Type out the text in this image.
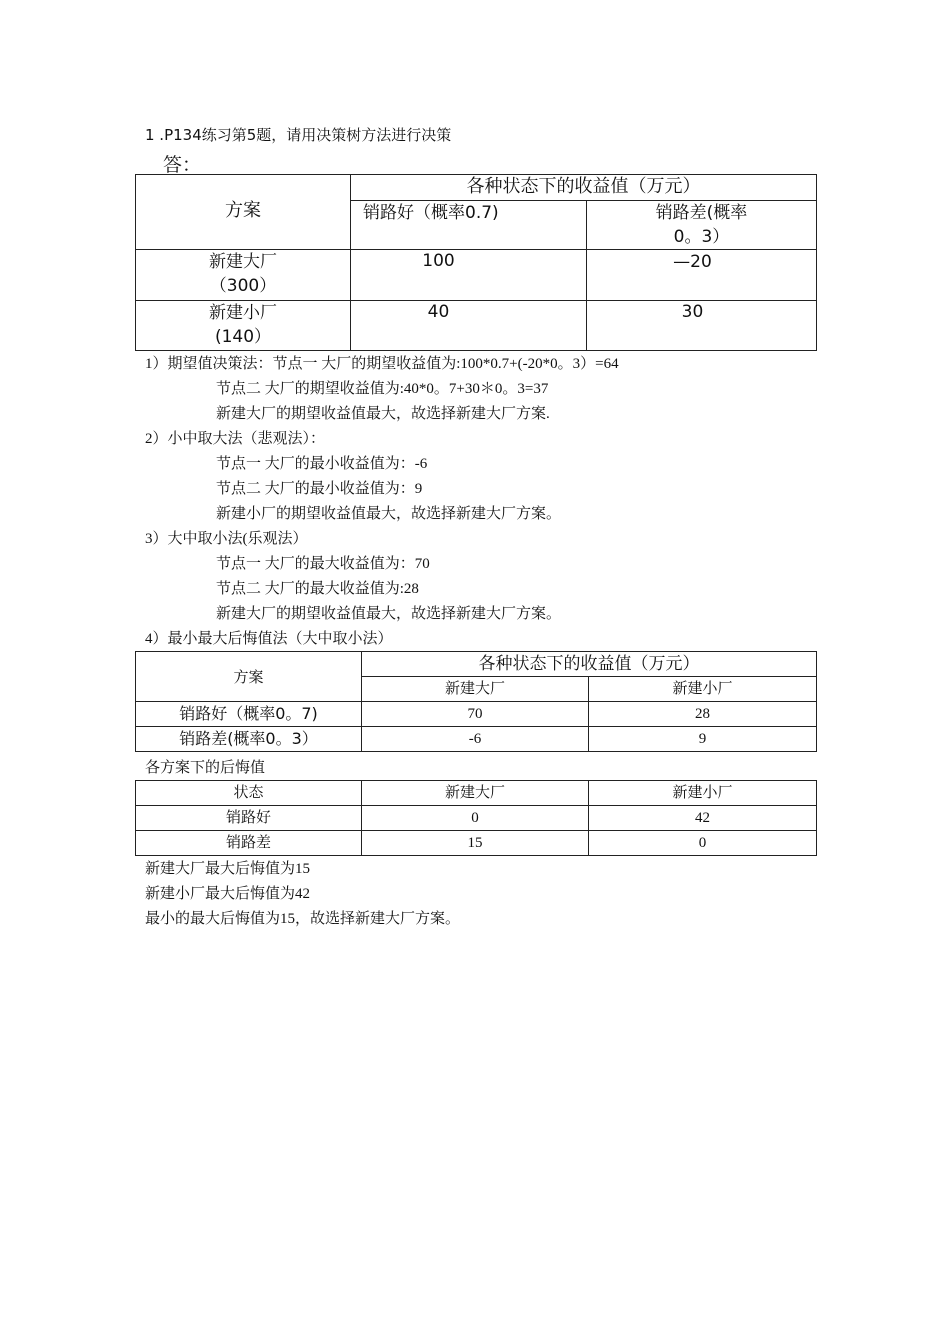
1 .P134练习第5题，请用决策树方法进行决策
答：
方案	各种状态下的收益值（万元）	
	销路好（概率0.7)	销路差(概率
0。3）

新建大厂
（300）	100	—20

新建小厂
(140）	40	30
1）期望值决策法：节点一 大厂的期望收益值为:100*0.7+(-20*0。3）=64
节点二 大厂的期望收益值为:40*0。7+30＊0。3=37
新建大厂的期望收益值最大，故选择新建大厂方案.
2）小中取大法（悲观法）：
节点一 大厂的最小收益值为：-6
节点二 大厂的最小收益值为：9
新建小厂的期望收益值最大，故选择新建大厂方案。
3）大中取小法(乐观法）
节点一 大厂的最大收益值为：70
节点二 大厂的最大收益值为:28
新建大厂的期望收益值最大，故选择新建大厂方案。
4）最小最大后悔值法（大中取小法）
方案	各种状态下的收益值（万元）	
	新建大厂	新建小厂
销路好（概率0。7)	70	28
销路差(概率0。3）	-6	9
各方案下的后悔值
状态	新建大厂	新建小厂
销路好	0	42
销路差	15	0
新建大厂最大后悔值为15
新建小厂最大后悔值为42
最小的最大后悔值为15，故选择新建大厂方案。
